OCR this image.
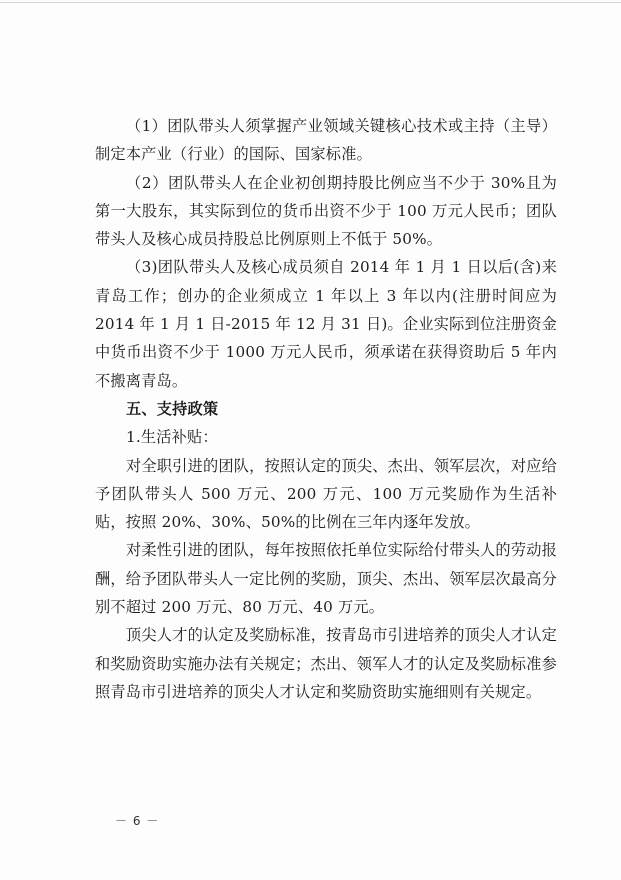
（1）团队带头人须掌握产业领域关键核心技术或主持（主导）制定本产业（行业）的国际、国家标准。

（2）团队带头人在企业初创期持股比例应当不少于 30%且为第一大股东，其实际到位的货币出资不少于 100 万元人民币；团队带头人及核心成员持股总比例原则上不低于 50%。

（3)团队带头人及核心成员须自 2014 年 1 月 1 日以后(含)来青岛工作；创办的企业须成立 1 年以上 3 年以内(注册时间应为 2014 年 1 月 1 日-2015 年 12 月 31 日)。企业实际到位注册资金中货币出资不少于 1000 万元人民币，须承诺在获得资助后 5 年内不搬离青岛。

五、支持政策

1.生活补贴：

对全职引进的团队，按照认定的顶尖、杰出、领军层次，对应给予团队带头人 500 万元、200 万元、100 万元奖励作为生活补贴，按照 20%、30%、50%的比例在三年内逐年发放。

对柔性引进的团队，每年按照依托单位实际给付带头人的劳动报酬，给予团队带头人一定比例的奖励，顶尖、杰出、领军层次最高分别不超过 200 万元、80 万元、40 万元。

顶尖人才的认定及奖励标准，按青岛市引进培养的顶尖人才认定和奖励资助实施办法有关规定；杰出、领军人才的认定及奖励标准参照青岛市引进培养的顶尖人才认定和奖励资助实施细则有关规定。

－ 6 －
